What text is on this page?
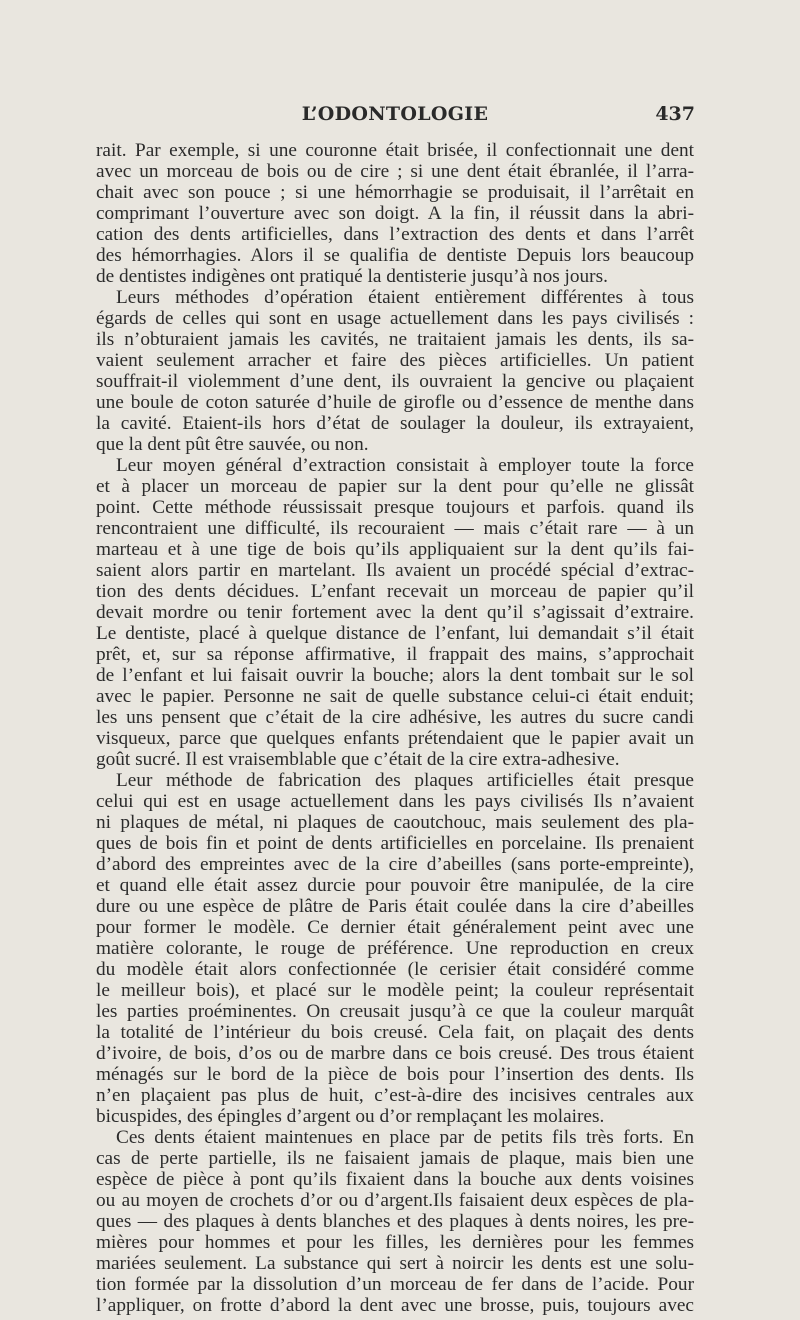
L’ODONTOLOGIE	437
rait. Par exemple, si une couronne était brisée, il confectionnait une dent
avec un morceau de bois ou de cire ; si une dent était ébranlée, il l’arra-
chait avec son pouce ; si une hémorrhagie se produisait, il l’arrêtait en
comprimant l’ouverture avec son doigt. A la fin, il réussit dans la abri-
cation des dents artificielles, dans l’extraction des dents et dans l’arrêt
des hémorrhagies. Alors il se qualifia de dentiste Depuis lors beaucoup
de dentistes indigènes ont pratiqué la dentisterie jusqu’à nos jours.
Leurs méthodes d’opération étaient entièrement différentes à tous
égards de celles qui sont en usage actuellement dans les pays civilisés :
ils n’obturaient jamais les cavités, ne traitaient jamais les dents, ils sa-
vaient seulement arracher et faire des pièces artificielles. Un patient
souffrait-il violemment d’une dent, ils ouvraient la gencive ou plaçaient
une boule de coton saturée d’huile de girofle ou d’essence de menthe dans
la cavité. Etaient-ils hors d’état de soulager la douleur, ils extrayaient,
que la dent pût être sauvée, ou non.
Leur moyen général d’extraction consistait à employer toute la force
et à placer un morceau de papier sur la dent pour qu’elle ne glissât
point. Cette méthode réussissait presque toujours et parfois. quand ils
rencontraient une difficulté, ils recouraient — mais c’était rare — à un
marteau et à une tige de bois qu’ils appliquaient sur la dent qu’ils fai-
saient alors partir en martelant. Ils avaient un procédé spécial d’extrac-
tion des dents décidues. L’enfant recevait un morceau de papier qu’il
devait mordre ou tenir fortement avec la dent qu’il s’agissait d’extraire.
Le dentiste, placé à quelque distance de l’enfant, lui demandait s’il était
prêt, et, sur sa réponse affirmative, il frappait des mains, s’approchait
de l’enfant et lui faisait ouvrir la bouche; alors la dent tombait sur le sol
avec le papier. Personne ne sait de quelle substance celui-ci était enduit;
les uns pensent que c’était de la cire adhésive, les autres du sucre candi
visqueux, parce que quelques enfants prétendaient que le papier avait un
goût sucré. Il est vraisemblable que c’était de la cire extra-adhesive.
Leur méthode de fabrication des plaques artificielles était presque
celui qui est en usage actuellement dans les pays civilisés Ils n’avaient
ni plaques de métal, ni plaques de caoutchouc, mais seulement des pla-
ques de bois fin et point de dents artificielles en porcelaine. Ils prenaient
d’abord des empreintes avec de la cire d’abeilles (sans porte-empreinte),
et quand elle était assez durcie pour pouvoir être manipulée, de la cire
dure ou une espèce de plâtre de Paris était coulée dans la cire d’abeilles
pour former le modèle. Ce dernier était généralement peint avec une
matière colorante, le rouge de préférence. Une reproduction en creux
du modèle était alors confectionnée (le cerisier était considéré comme
le meilleur bois), et placé sur le modèle peint; la couleur représentait
les parties proéminentes. On creusait jusqu’à ce que la couleur marquât
la totalité de l’intérieur du bois creusé. Cela fait, on plaçait des dents
d’ivoire, de bois, d’os ou de marbre dans ce bois creusé. Des trous étaient
ménagés sur le bord de la pièce de bois pour l’insertion des dents. Ils
n’en plaçaient pas plus de huit, c’est-à-dire des incisives centrales aux
bicuspides, des épingles d’argent ou d’or remplaçant les molaires.
Ces dents étaient maintenues en place par de petits fils très forts. En
cas de perte partielle, ils ne faisaient jamais de plaque, mais bien une
espèce de pièce à pont qu’ils fixaient dans la bouche aux dents voisines
ou au moyen de crochets d’or ou d’argent.Ils faisaient deux espèces de pla-
ques — des plaques à dents blanches et des plaques à dents noires, les pre-
mières pour hommes et pour les filles, les dernières pour les femmes
mariées seulement. La substance qui sert à noircir les dents est une solu-
tion formée par la dissolution d’un morceau de fer dans de l’acide. Pour
l’appliquer, on frotte d’abord la dent avec une brosse, puis, toujours avec
